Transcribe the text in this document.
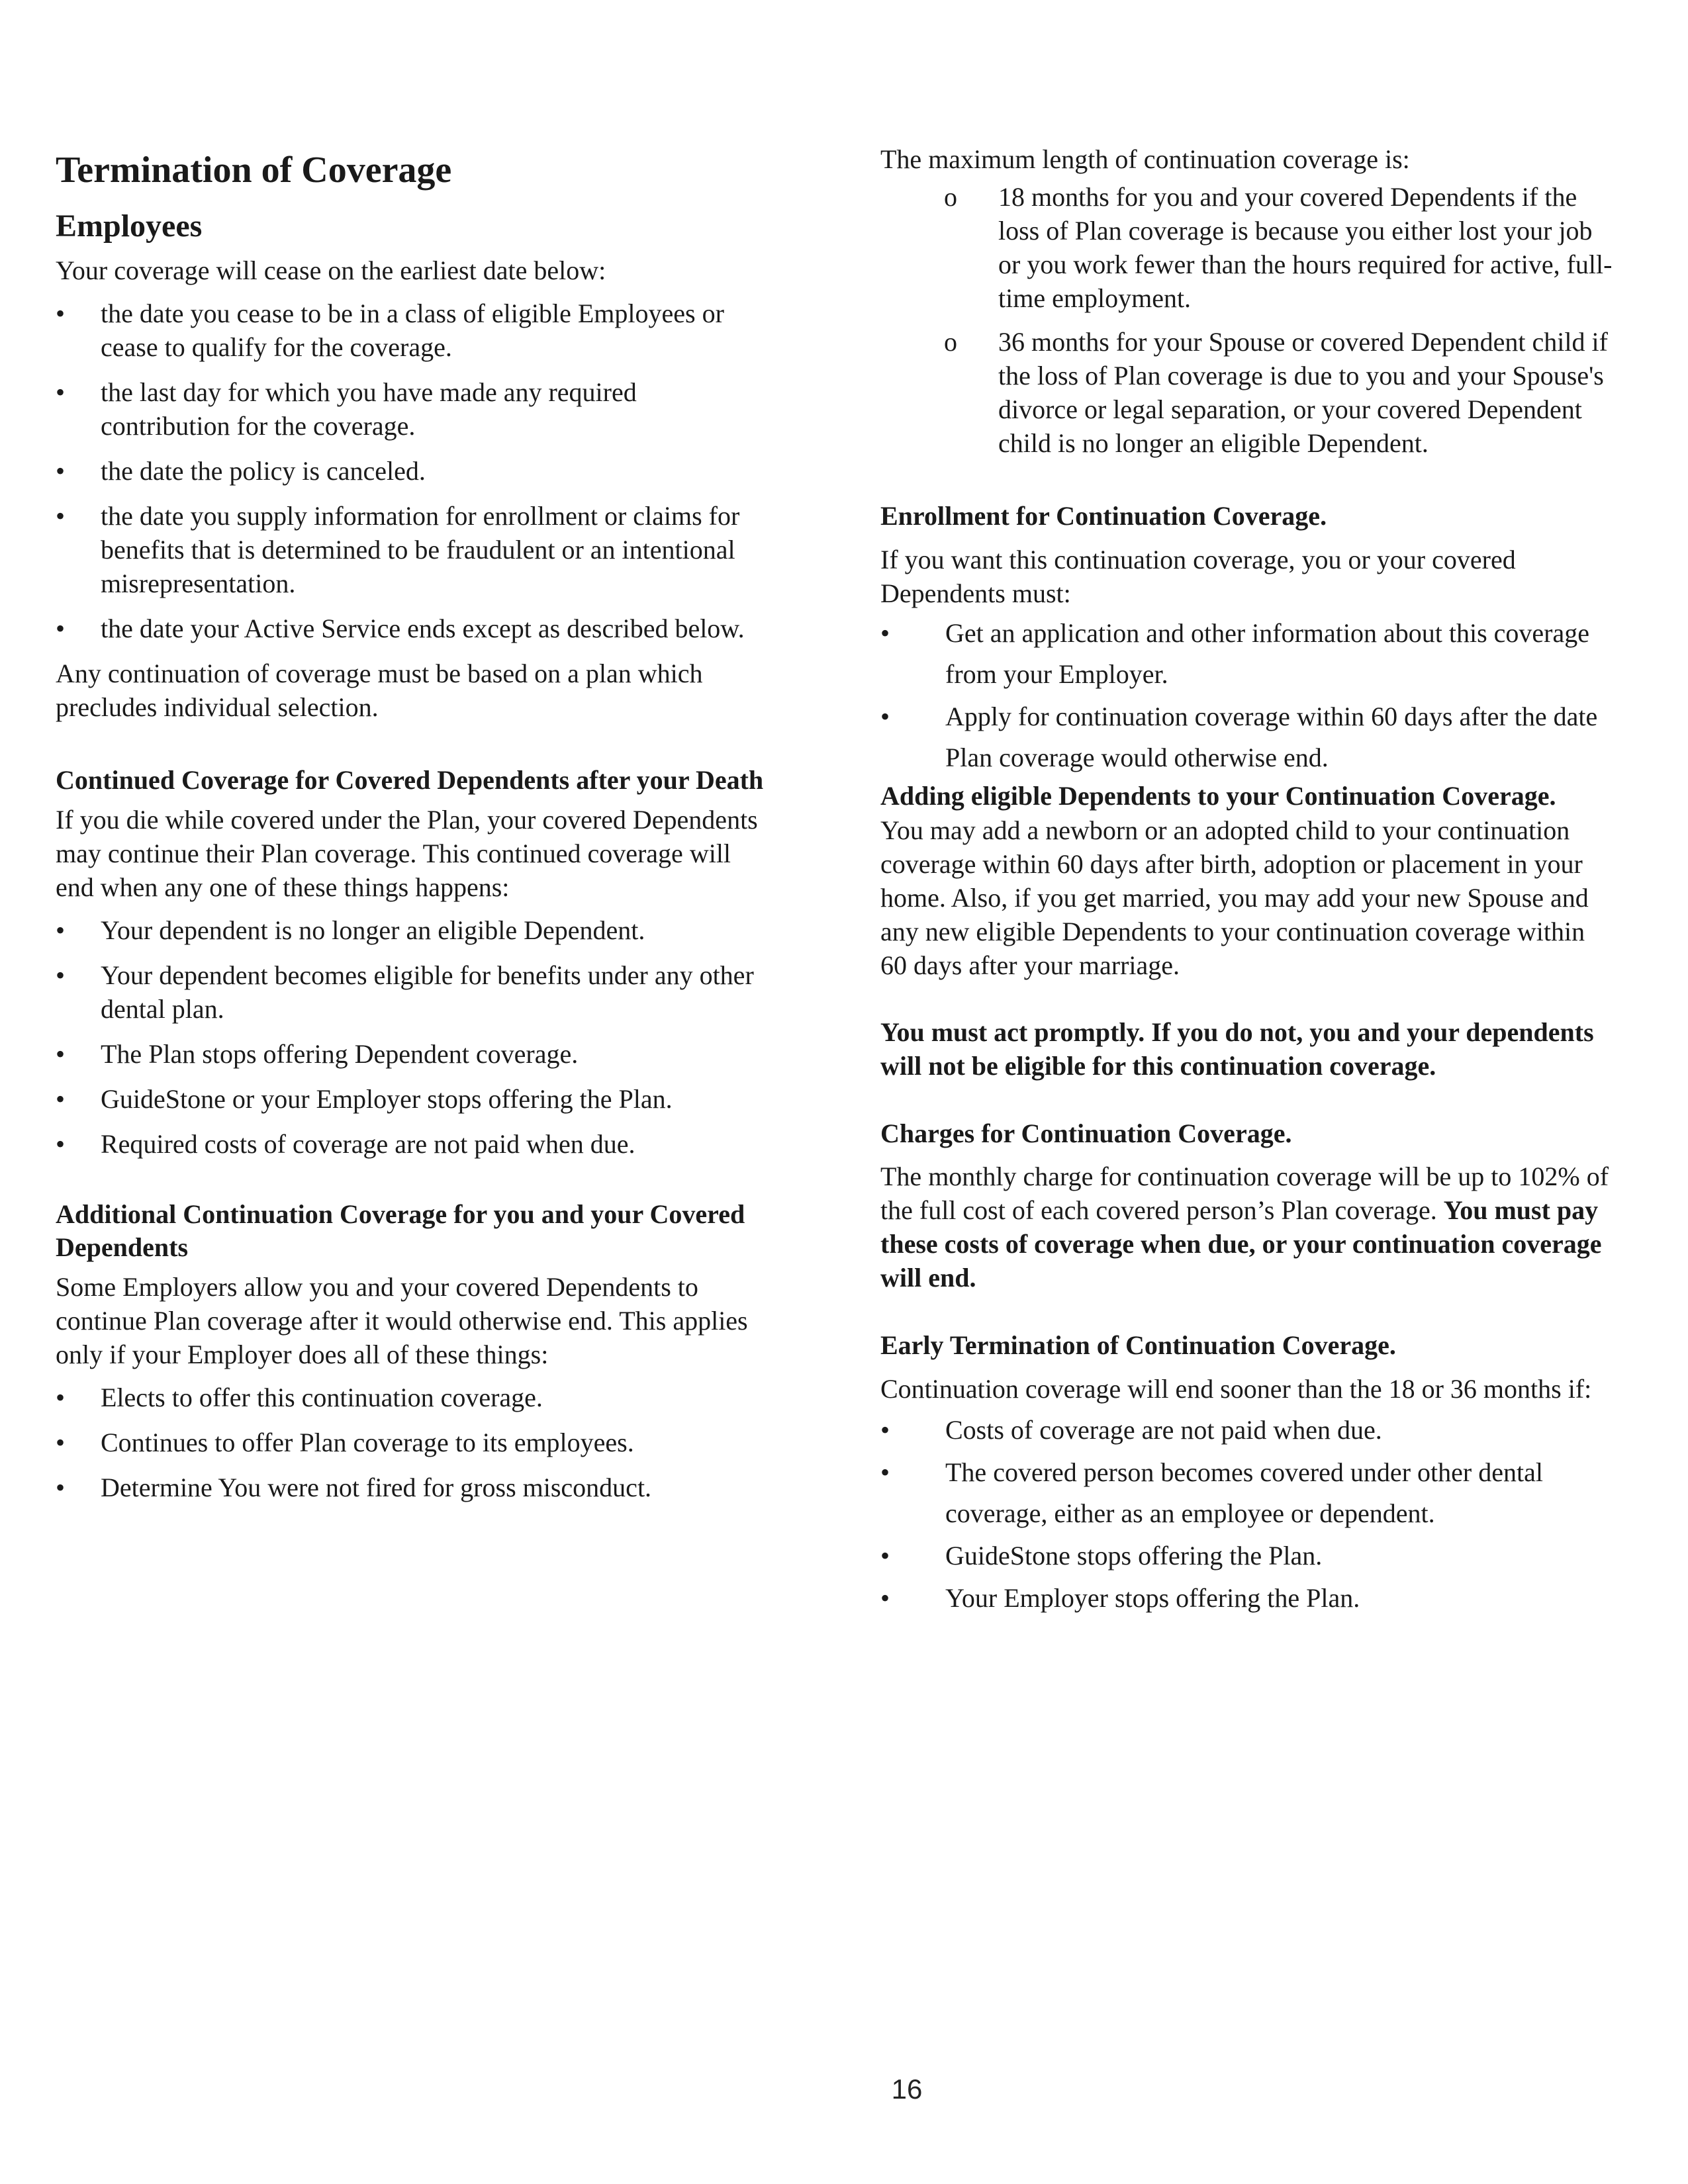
Termination of Coverage
Employees

Your coverage will cease on the earliest date below:

• the date you cease to be in a class of eligible Employees or cease to qualify for the coverage.
• the last day for which you have made any required contribution for the coverage.
• the date the policy is canceled.
• the date you supply information for enrollment or claims for benefits that is determined to be fraudulent or an intentional misrepresentation.
• the date your Active Service ends except as described below.

Any continuation of coverage must be based on a plan which precludes individual selection.

Continued Coverage for Covered Dependents after your Death

If you die while covered under the Plan, your covered Dependents may continue their Plan coverage. This continued coverage will end when any one of these things happens:

• Your dependent is no longer an eligible Dependent.
• Your dependent becomes eligible for benefits under any other dental plan.
• The Plan stops offering Dependent coverage.
• GuideStone or your Employer stops offering the Plan.
• Required costs of coverage are not paid when due.
Additional Continuation Coverage for you and your Covered Dependents

Some Employers allow you and your covered Dependents to continue Plan coverage after it would otherwise end. This applies only if your Employer does all of these things:

• Elects to offer this continuation coverage.
• Continues to offer Plan coverage to its employees.
• Determine You were not fired for gross misconduct.

The maximum length of continuation coverage is:

o 18 months for you and your covered Dependents if the loss of Plan coverage is because you either lost your job or you work fewer than the hours required for active, full-time employment.
o 36 months for your Spouse or covered Dependent child if the loss of Plan coverage is due to you and your Spouse's divorce or legal separation, or your covered Dependent child is no longer an eligible Dependent.
Enrollment for Continuation Coverage.

If you want this continuation coverage, you or your covered Dependents must:

• Get an application and other information about this coverage from your Employer.
• Apply for continuation coverage within 60 days after the date Plan coverage would otherwise end.
Adding eligible Dependents to your Continuation Coverage.

You may add a newborn or an adopted child to your continuation coverage within 60 days after birth, adoption or placement in your home. Also, if you get married, you may add your new Spouse and any new eligible Dependents to your continuation coverage within 60 days after your marriage.

You must act promptly. If you do not, you and your dependents will not be eligible for this continuation coverage.

Charges for Continuation Coverage.

The monthly charge for continuation coverage will be up to 102% of the full cost of each covered person’s Plan coverage. You must pay these costs of coverage when due, or your continuation coverage will end.

Early Termination of Continuation Coverage.

Continuation coverage will end sooner than the 18 or 36 months if:

• Costs of coverage are not paid when due.
• The covered person becomes covered under other dental coverage, either as an employee or dependent.
• GuideStone stops offering the Plan.
• Your Employer stops offering the Plan.
16
